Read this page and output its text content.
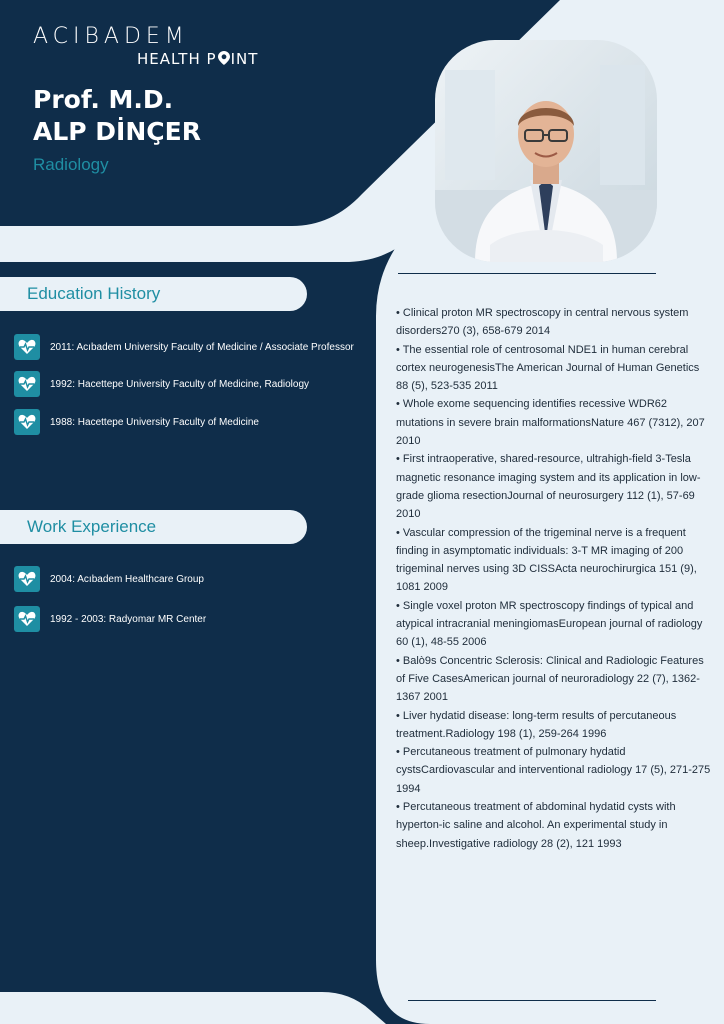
ACIBADEM
HEALTH P INT
Prof. M.D.
ALP DİNÇER
Radiology
Education History
2011: Acıbadem University Faculty of Medicine / Associate Professor
1992: Hacettepe University Faculty of Medicine, Radiology
1988: Hacettepe University Faculty of Medicine
Work Experience
2004: Acıbadem Healthcare Group
1992 - 2003: Radyomar MR Center
• Clinical proton MR spectroscopy in central nervous system disorders270 (3), 658-679 2014
• The essential role of centrosomal NDE1 in human cerebral cortex neurogenesisThe American Journal of Human Genetics 88 (5), 523-535 2011
• Whole exome sequencing identifies recessive WDR62 mutations in severe brain malformationsNature 467 (7312), 207 2010
• First intraoperative, shared-resource, ultrahigh-field 3-Tesla magnetic resonance imaging system and its application in low-grade glioma resectionJournal of neurosurgery 112 (1), 57-69 2010
• Vascular compression of the trigeminal nerve is a frequent finding in asymptomatic individuals: 3-T MR imaging of 200 trigeminal nerves using 3D CISSActa neurochirurgica 151 (9), 1081 2009
• Single voxel proton MR spectroscopy findings of typical and atypical intracranial meningiomasEuropean journal of radiology 60 (1), 48-55 2006
• Balò9s Concentric Sclerosis: Clinical and Radiologic Features of Five CasesAmerican journal of neuroradiology 22 (7), 1362-1367 2001
• Liver hydatid disease: long-term results of percutaneous treatment.Radiology 198 (1), 259-264 1996
• Percutaneous treatment of pulmonary hydatid cystsCardiovascular and interventional radiology 17 (5), 271-275 1994
• Percutaneous treatment of abdominal hydatid cysts with hyperton-ic saline and alcohol. An experimental study in sheep.Investigative radiology 28 (2), 121 1993
